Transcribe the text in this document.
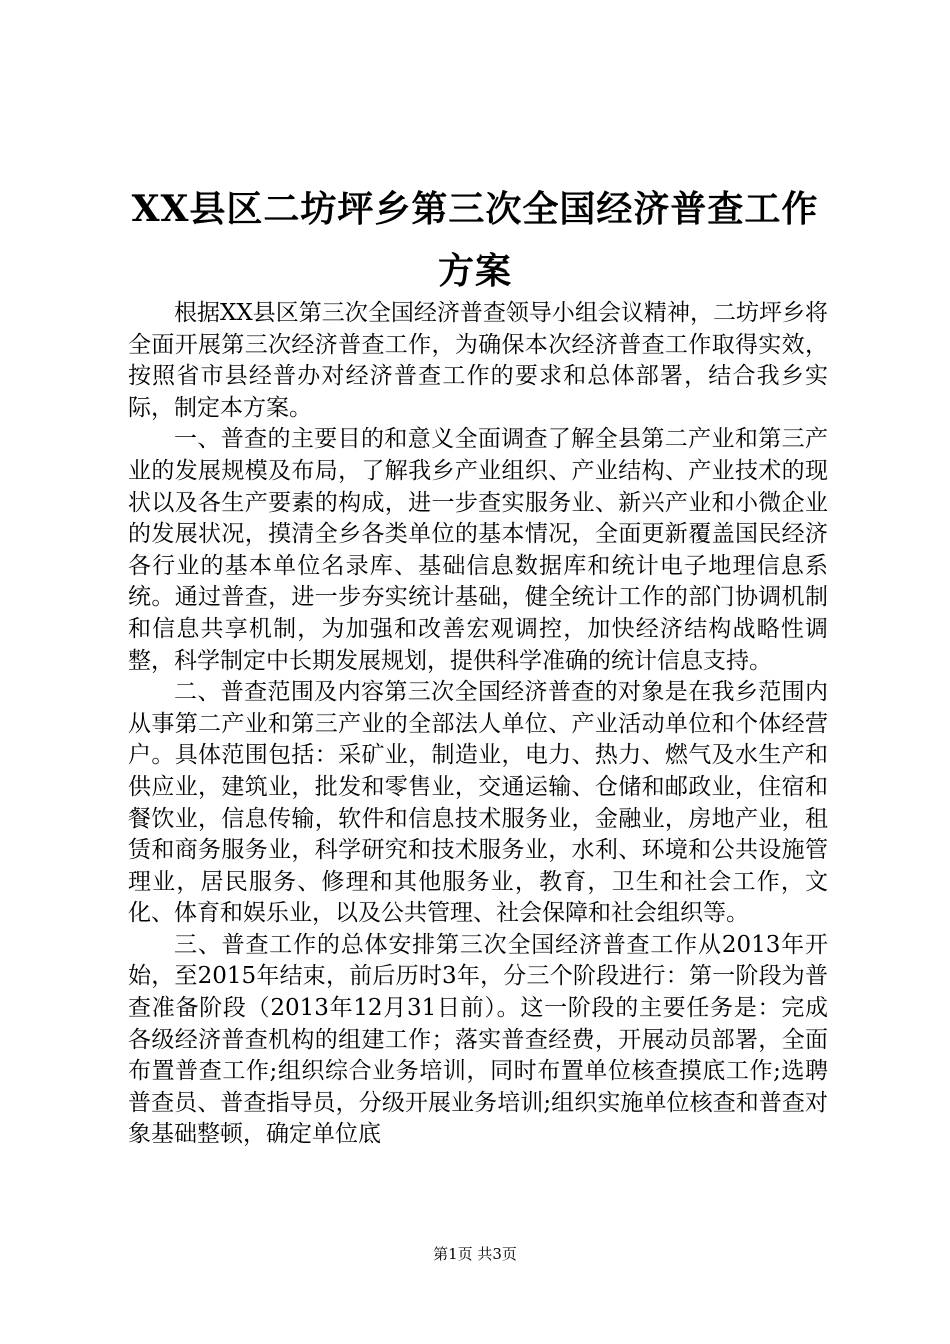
XX县区二坊坪乡第三次全国经济普查工作方案

根据XX县区第三次全国经济普查领导小组会议精神，二坊坪乡将全面开展第三次经济普查工作，为确保本次经济普查工作取得实效，按照省市县经普办对经济普查工作的要求和总体部署，结合我乡实际，制定本方案。

一、普查的主要目的和意义全面调查了解全县第二产业和第三产业的发展规模及布局，了解我乡产业组织、产业结构、产业技术的现状以及各生产要素的构成，进一步查实服务业、新兴产业和小微企业的发展状况，摸清全乡各类单位的基本情况，全面更新覆盖国民经济各行业的基本单位名录库、基础信息数据库和统计电子地理信息系统。通过普查，进一步夯实统计基础，健全统计工作的部门协调机制和信息共享机制，为加强和改善宏观调控，加快经济结构战略性调整，科学制定中长期发展规划，提供科学准确的统计信息支持。

二、普查范围及内容第三次全国经济普查的对象是在我乡范围内从事第二产业和第三产业的全部法人单位、产业活动单位和个体经营户。具体范围包括：采矿业，制造业，电力、热力、燃气及水生产和供应业，建筑业，批发和零售业，交通运输、仓储和邮政业，住宿和餐饮业，信息传输，软件和信息技术服务业，金融业，房地产业，租赁和商务服务业，科学研究和技术服务业，水利、环境和公共设施管理业，居民服务、修理和其他服务业，教育，卫生和社会工作，文化、体育和娱乐业，以及公共管理、社会保障和社会组织等。

三、普查工作的总体安排第三次全国经济普查工作从2013年开始，至2015年结束，前后历时3年，分三个阶段进行：第一阶段为普查准备阶段（2013年12月31日前）。这一阶段的主要任务是：完成各级经济普查机构的组建工作；落实普查经费，开展动员部署，全面布置普查工作;组织综合业务培训，同时布置单位核查摸底工作;选聘普查员、普查指导员，分级开展业务培训;组织实施单位核查和普查对象基础整顿，确定单位底

第1页 共3页
